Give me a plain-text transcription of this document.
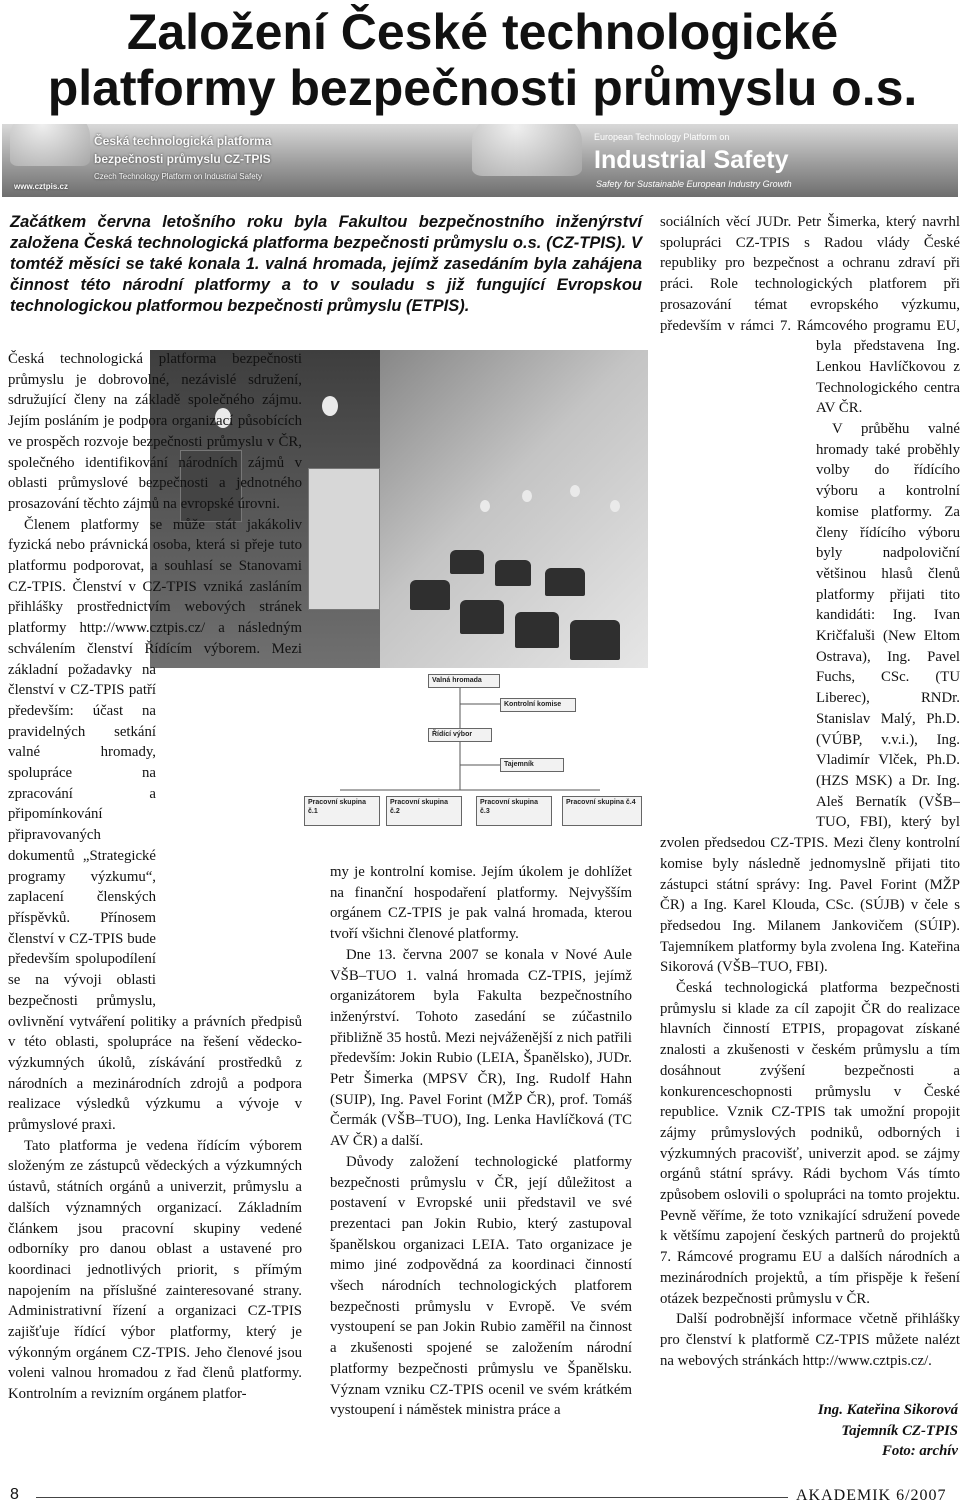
Založení České technologické platformy bezpečnosti průmyslu o.s.
Česká technologická platforma
bezpečnosti průmyslu CZ-TPIS
Czech Technology Platform on Industrial Safety
www.cztpis.cz
European Technology Platform on
Industrial Safety
Safety for Sustainable European Industry Growth
Začátkem června letošního roku byla Fakultou bezpečnostního inženýrství založena Česká technologická platforma bezpečnosti průmyslu o.s. (CZ-TPIS). V tomtéž měsíci se také konala 1. valná hromada, jejímž zasedáním byla zahájena činnost této národní platformy a to v souladu s již fungující Evropskou technologickou platformou bezpečnosti průmyslu (ETPIS).
Valná hromada
Kontrolní komise
Řídící výbor
Tajemník
Pracovní skupina č.1
Pracovní skupina č.2
Pracovní skupina č.3
Pracovní skupina č.4

Česká technologická platforma bezpečnosti průmyslu je dobrovolné, nezávislé sdružení, sdružující členy na základě společného zájmu. Jejím posláním je podpora organizací působících ve prospěch rozvoje bezpečnosti průmyslu v ČR, společného identifikování národních zájmů v oblasti průmyslové bezpečnosti a jednotného prosazování těchto zájmů na evropské úrovni.

Členem platformy se může stát jakákoliv fyzická nebo právnická osoba, která si přeje tuto platformu podporovat, a souhlasí se Stanovami CZ-TPIS. Členství v CZ-TPIS vzniká zasláním přihlášky prostřednictvím webových stránek platformy http://www.cztpis.cz/ a následným schválením členství Řídícím výborem. Mezi základní požadavky na členství v CZ-TPIS patří především: účast na pravidelných setkání valné hromady, spolupráce na zpracování a připomínkování připravovaných dokumentů „Strategické programy výzkumu“, zaplacení členských příspěvků. Přínosem členství v CZ-TPIS bude především spolupodílení se na vývoji oblasti bezpečnosti průmyslu, ovlivnění vytváření politiky a právních předpisů v této oblasti, spolupráce na řešení vědecko-výzkumných úkolů, získávání prostředků z národních a mezinárodních zdrojů a podpora realizace výsledků výzkumu a vývoje v průmyslové praxi.

Tato platforma je vedena řídícím výborem složeným ze zástupců vědeckých a výzkumných ústavů, státních orgánů a univerzit, průmyslu a dalších významných organizací. Základním článkem jsou pracovní skupiny vedené odborníky pro danou oblast a ustavené pro koordinaci jednotlivých priorit, s přímým napojením na příslušné zainteresované strany. Administrativní řízení a organizaci CZ-TPIS zajišťuje řídící výbor platformy, který je výkonným orgánem CZ-TPIS. Jeho členové jsou voleni valnou hromadou z řad členů platformy. Kontrolním a revizním orgánem platfor-

my je kontrolní komise. Jejím úkolem je dohlížet na finanční hospodaření platformy. Nejvyšším orgánem CZ-TPIS je pak valná hromada, kterou tvoří všichni členové platformy.

Dne 13. června 2007 se konala v Nové Aule VŠB–TUO 1. valná hromada CZ-TPIS, jejímž organizátorem byla Fakulta bezpečnostního inženýrství. Tohoto zasedání se zúčastnilo přibližně 35 hostů. Mezi nejváženější z nich patřili především: Jokin Rubio (LEIA, Španělsko), JUDr. Petr Šimerka (MPSV ČR), Ing. Rudolf Hahn (SUIP), Ing. Pavel Forint (MŽP ČR), prof. Tomáš Čermák (VŠB–TUO), Ing. Lenka Havlíčková (TC AV ČR) a další.

Důvody založení technologické platformy bezpečnosti průmyslu v ČR, její důležitost a postavení v Evropské unii představil ve své prezentaci pan Jokin Rubio, který zastupoval španělskou organizaci LEIA. Tato organizace je mimo jiné zodpovědná za koordinaci činností všech národních technologických platforem bezpečnosti průmyslu v Evropě. Ve svém vystoupení se pan Jokin Rubio zaměřil na činnost a zkušenosti spojené se založením národní platformy bezpečnosti průmyslu ve Španělsku. Význam vzniku CZ-TPIS ocenil ve svém krátkém vystoupení i náměstek ministra práce a

sociálních věcí JUDr. Petr Šimerka, který navrhl spolupráci CZ-TPIS s Radou vlády České republiky pro bezpečnost a ochranu zdraví při práci. Role technologických platforem při prosazování témat evropského výzkumu, především v rámci 7. Rámcového programu EU, byla představena Ing. Lenkou Havlíčkovou z Technologického centra AV ČR.

V průběhu valné hromady také proběhly volby do řídícího výboru a kontrolní komise platformy. Za členy řídícího výboru byly nadpoloviční většinou hlasů členů platformy přijati tito kandidáti: Ing. Ivan Kričfaluši (New Eltom Ostrava), Ing. Pavel Fuchs, CSc. (TU Liberec), RNDr. Stanislav Malý, Ph.D. (VÚBP, v.v.i.), Ing. Vladimír Vlček, Ph.D. (HZS MSK) a Dr. Ing. Aleš Bernatík (VŠB–TUO, FBI), který byl zvolen předsedou CZ-TPIS. Mezi členy kontrolní komise byly následně jednomyslně přijati tito zástupci státní správy: Ing. Pavel Forint (MŽP ČR) a Ing. Karel Klouda, CSc. (SÚJB) v čele s předsedou Ing. Milanem Jankovičem (SÚIP). Tajemníkem platformy byla zvolena Ing. Kateřina Sikorová (VŠB–TUO, FBI).

Česká technologická platforma bezpečnosti průmyslu si klade za cíl zapojit ČR do realizace hlavních činností ETPIS, propagovat získané znalosti a zkušenosti v českém průmyslu a tím dosáhnout zvýšení bezpečnosti a konkurenceschopnosti průmyslu v České republice. Vznik CZ-TPIS tak umožní propojit zájmy průmyslových podniků, odborných i výzkumných pracovišť, univerzit apod. se zájmy orgánů státní správy. Rádi bychom Vás tímto způsobem oslovili o spolupráci na tomto projektu. Pevně věříme, že toto vznikající sdružení povede k většímu zapojení českých partnerů do projektů 7. Rámcové programu EU a dalších národních a mezinárodních projektů, a tím přispěje k řešení otázek bezpečnosti průmyslu v ČR.

Další podrobnější informace včetně přihlášky pro členství k platformě CZ-TPIS můžete nalézt na webových stránkách http://www.cztpis.cz/.

Ing. Kateřina Sikorová
Tajemník CZ-TPIS
Foto: archív
8	AKADEMIK 6/2007
